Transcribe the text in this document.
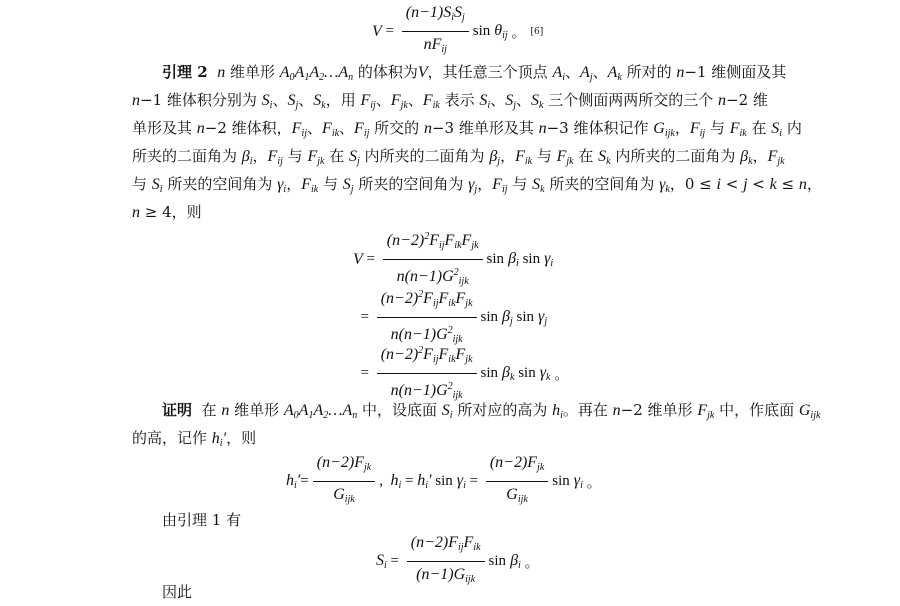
$V = \frac{(n-1)S_iS_j}{nF_{ij}}$ $\sin \theta_{ij}$ 。 [6]
引理 2 n 维单形 $A_0A_1A_2\dots A_n$ 的体积为V，其任意三个顶点 $A_i$、$A_j$、$A_k$ 所对的 n−1 维侧面及其
n−1 维体积分别为 $S_i$、$S_j$、$S_k$，用 $F_{ij}$、$F_{jk}$、$F_{ik}$ 表示 $S_i$、$S_j$、$S_k$ 三个侧面两两所交的三个 n−2 维
单形及其 n−2 维体积，$F_{ij}$、$F_{ik}$、$F_{ij}$ 所交的 n−3 维单形及其 n−3 维体积记作 $G_{ijk}$，$F_{ij}$ 与 $F_{ik}$ 在 $S_i$ 内
所夹的二面角为 $\beta_i$，$F_{ij}$ 与 $F_{jk}$ 在 $S_j$ 内所夹的二面角为 $\beta_j$，$F_{ik}$ 与 $F_{jk}$ 在 $S_k$ 内所夹的二面角为 $\beta_k$，$F_{jk}$
与 $S_i$ 所夹的空间角为 $\gamma_i$，$F_{ik}$ 与 $S_j$ 所夹的空间角为 $\gamma_j$，$F_{ij}$ 与 $S_k$ 所夹的空间角为 $\gamma_k$，0 ≤ i < j < k ≤ n，
n ≥ 4，则
$V = \frac{(n-2)^2F_{ij}F_{ik}F_{jk}}{n(n-1)G^2_{ijk}}$ $\sin \beta_i$ $\sin \gamma_i$
= $\frac{(n-2)^2F_{ij}F_{ik}F_{jk}}{n(n-1)G^2_{ijk}}$ $\sin \beta_j$ $\sin \gamma_j$
= $\frac{(n-2)^2F_{ij}F_{ik}F_{jk}}{n(n-1)G^2_{ijk}}$ $\sin \beta_k$ $\sin \gamma_k$ 。
证明  在 n 维单形 $A_0A_1A_2\dots A_n$ 中，设底面 $S_i$ 所对应的高为 $h_i$。再在 n−2 维单形 $F_{jk}$ 中，作底面 $G_{ijk}$
的高，记作 $h_i'$，则
$h_i' = \frac{(n-2)F_{jk}}{G_{ijk}}$ , $h_i = h_i'$ $\sin \gamma_i = \frac{(n-2)F_{jk}}{G_{ijk}}$ $\sin \gamma_i$ 。
由引理 1 有
$S_i = \frac{(n-2)F_{ij}F_{ik}}{(n-1)G_{ijk}}$ $\sin \beta_i$ 。
因此
